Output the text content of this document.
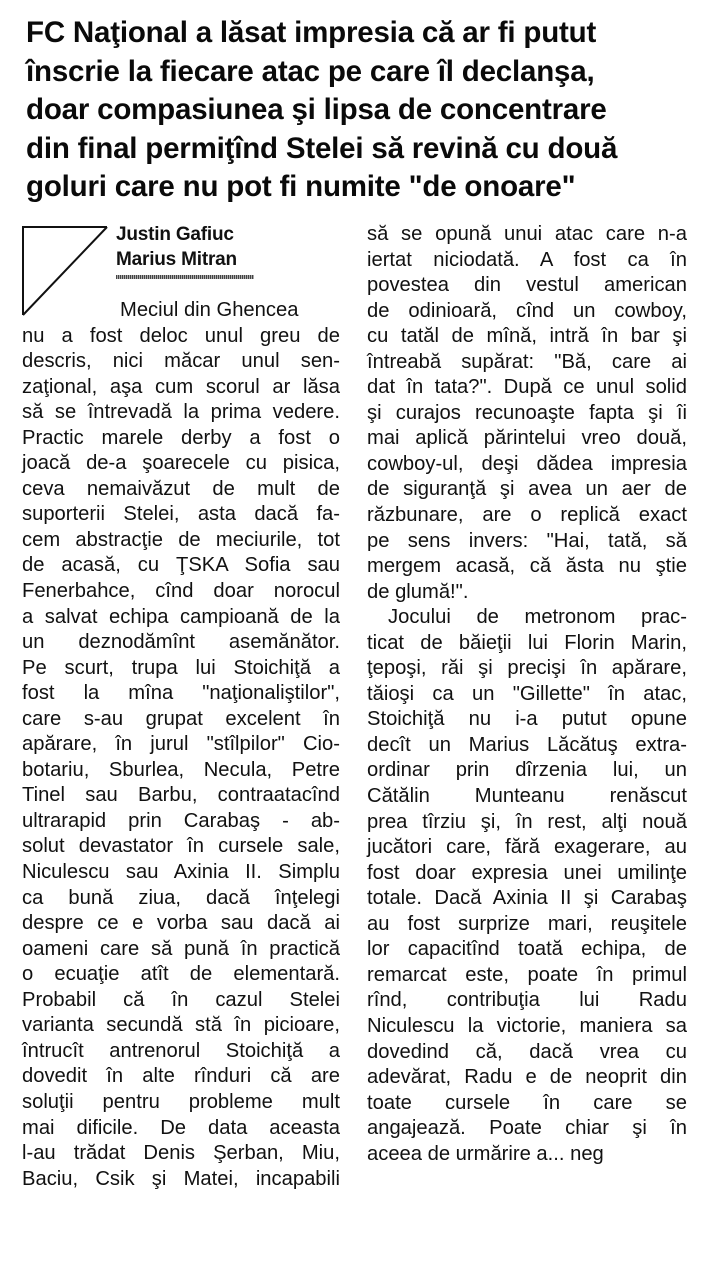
FC Naţional a lăsat impresia că ar fi putut
înscrie la fiecare atac pe care îl declanşa,
doar compasiunea şi lipsa de concentrare
din final permiţînd Stelei să revină cu două
goluri care nu pot fi numite "de onoare"
Justin Gafiuc
Marius Mitran
Meciul din Ghencea
nu a fost deloc unul greu de
descris, nici măcar unul sen-
zaţional, aşa cum scorul ar lăsa
să se întrevadă la prima vedere.
Practic marele derby a fost o
joacă de-a şoarecele cu pisica,
ceva nemaivăzut de mult de
suporterii Stelei, asta dacă fa-
cem abstracţie de meciurile, tot
de acasă, cu ŢSKA Sofia sau
Fenerbahce, cînd doar norocul
a salvat echipa campioană de la
un deznodămînt asemănător.
Pe scurt, trupa lui Stoichiţă a
fost la mîna "naţionaliştilor",
care s-au grupat excelent în
apărare, în jurul "stîlpilor" Cio-
botariu, Sburlea, Necula, Petre
Tinel sau Barbu, contraatacînd
ultrarapid prin Carabaş - ab-
solut devastator în cursele sale,
Niculescu sau Axinia II. Simplu
ca bună ziua, dacă înţelegi
despre ce e vorba sau dacă ai
oameni care să pună în practică
o ecuaţie atît de elementară.
Probabil că în cazul Stelei
varianta secundă stă în picioare,
întrucît antrenorul Stoichiţă a
dovedit în alte rînduri că are
soluţii pentru probleme mult
mai dificile. De data aceasta
l-au trădat Denis Şerban, Miu,
Baciu, Csik şi Matei, incapabili
să se opună unui atac care n-a
iertat niciodată. A fost ca în
povestea din vestul american
de odinioară, cînd un cowboy,
cu tatăl de mînă, intră în bar şi
întreabă supărat: "Bă, care ai
dat în tata?". După ce unul solid
şi curajos recunoaşte fapta şi îi
mai aplică părintelui vreo două,
cowboy-ul, deşi dădea impresia
de siguranţă şi avea un aer de
răzbunare, are o replică exact
pe sens invers: "Hai, tată, să
mergem acasă, că ăsta nu ştie
de glumă!".
Jocului de metronom prac-
ticat de băieţii lui Florin Marin,
ţepoşi, răi şi precişi în apărare,
tăioşi ca un "Gillette" în atac,
Stoichiţă nu i-a putut opune
decît un Marius Lăcătuş extra-
ordinar prin dîrzenia lui, un
Cătălin Munteanu renăscut
prea tîrziu şi, în rest, alţi nouă
jucători care, fără exagerare, au
fost doar expresia unei umilinţe
totale. Dacă Axinia II şi Carabaş
au fost surprize mari, reuşitele
lor capacitînd toată echipa, de
remarcat este, poate în primul
rînd, contribuţia lui Radu
Niculescu la victorie, maniera sa
dovedind că, dacă vrea cu
adevărat, Radu e de neoprit din
toate cursele în care se
angajează. Poate chiar şi în
aceea de urmărire a... neg
